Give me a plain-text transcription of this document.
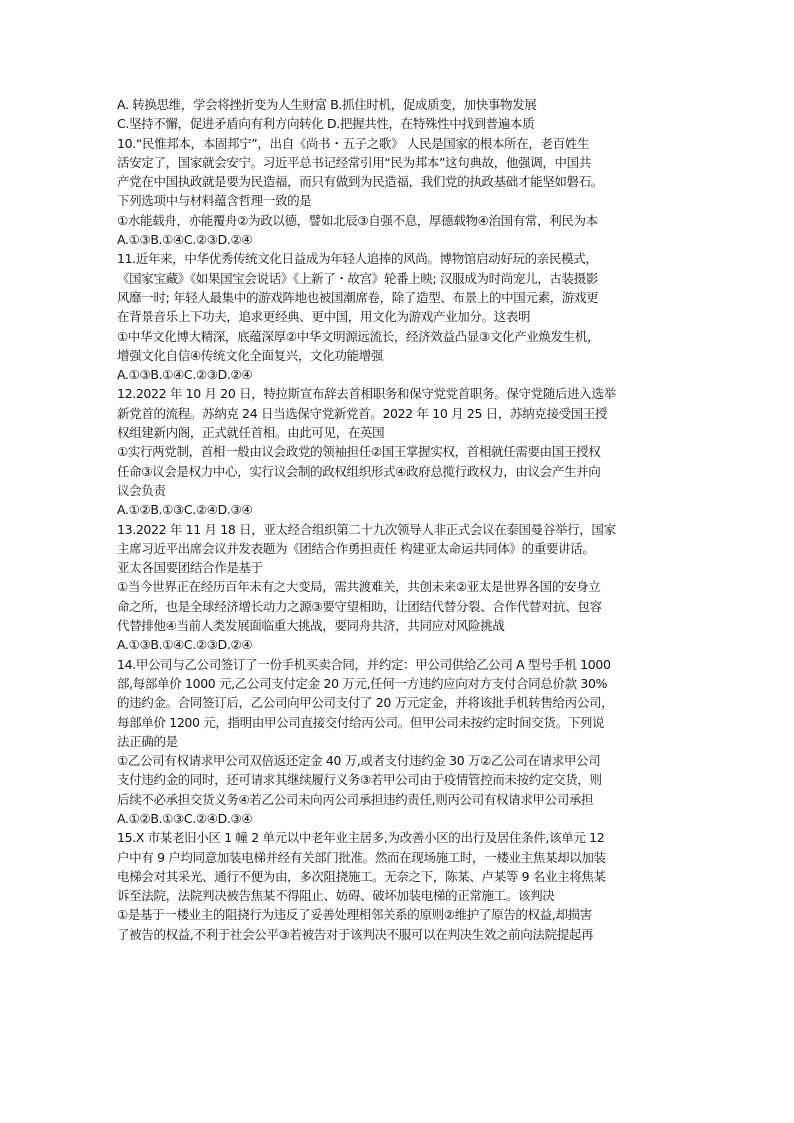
A. 转换思维，学会将挫折变为人生财富 B.抓住时机，促成质变，加快事物发展
C.坚持不懈，促进矛盾向有利方向转化 D.把握共性，在特殊性中找到普遍本质
10.“民惟邦本，本固邦宁”，出自《尚书・五子之歌》 人民是国家的根本所在，老百姓生
活安定了，国家就会安宁。习近平总书记经常引用“民为邦本”这句典故，他强调，中国共
产党在中国执政就是要为民造福，而只有做到为民造福，我们党的执政基础才能坚如磐石。
下列选项中与材料蕴含哲理一致的是
①水能载舟，亦能覆舟②为政以德，譬如北辰③自强不息，厚德载物④治国有常，利民为本
A.①③B.①④C.②③D.②④
11.近年来，中华优秀传统文化日益成为年轻人追捧的风尚。博物馆启动好玩的亲民模式，
《国家宝藏》《如果国宝会说话》《上新了・故宫》轮番上映; 汉服成为时尚宠儿，古装摄影
风靡一时; 年轻人最集中的游戏阵地也被国潮席卷，除了造型、布景上的中国元素，游戏更
在背景音乐上下功夫，追求更经典、更中国，用文化为游戏产业加分。这表明
①中华文化博大精深，底蕴深厚②中华文明源远流长，经济效益凸显③文化产业焕发生机，
增强文化自信④传统文化全面复兴，文化功能增强
A.①③B.①④C.②③D.②④
12.2022 年 10 月 20 日，特拉斯宣布辞去首相职务和保守党党首职务。保守党随后进入选举
新党首的流程。苏纳克 24 日当选保守党新党首。2022 年 10 月 25 日，苏纳克接受国王授
权组建新内阁，正式就任首相。由此可见，在英国
①实行两党制，首相一般由议会政党的领袖担任②国王掌握实权，首相就任需要由国王授权
任命③议会是权力中心，实行议会制的政权组织形式④政府总揽行政权力，由议会产生并向
议会负责
A.①②B.①③C.②④D.③④
13.2022 年 11 月 18 日，亚太经合组织第二十九次领导人非正式会议在泰国曼谷举行，国家
主席习近平出席会议并发表题为《团结合作勇担责任 构建亚太命运共同体》的重要讲话。
亚太各国要团结合作是基于
①当今世界正在经历百年未有之大变局，需共渡难关，共创未来②亚太是世界各国的安身立
命之所，也是全球经济增长动力之源③要守望相助，让团结代替分裂、合作代替对抗、包容
代替排他④当前人类发展面临重大挑战，要同舟共济，共同应对风险挑战
A.①③B.①④C.②③D.②④
14.甲公司与乙公司签订了一份手机买卖合同，并约定：甲公司供给乙公司 A 型号手机 1000
部,每部单价 1000 元,乙公司支付定金 20 万元,任何一方违约应向对方支付合同总价款 30%
的违约金。合同签订后，乙公司向甲公司支付了 20 万元定金，并将该批手机转售给丙公司，
每部单价 1200 元，指明由甲公司直接交付给丙公司。但甲公司未按约定时间交货。下列说
法正确的是
①乙公司有权请求甲公司双倍返还定金 40 万,或者支付违约金 30 万②乙公司在请求甲公司
支付违约金的同时，还可请求其继续履行义务③若甲公司由于疫情管控而未按约定交货，则
后续不必承担交货义务④若乙公司未向丙公司承担违约责任,则丙公司有权请求甲公司承担
A.①②B.①③C.②④D.③④
15.X 市某老旧小区 1 幢 2 单元以中老年业主居多,为改善小区的出行及居住条件,该单元 12
户中有 9 户均同意加装电梯并经有关部门批准。然而在现场施工时，一楼业主焦某却以加装
电梯会对其采光、通行不便为由，多次阻挠施工。无奈之下，陈某、卢某等 9 名业主将焦某
诉至法院，法院判决被告焦某不得阻止、妨碍、破坏加装电梯的正常施工。该判决
①是基于一楼业主的阻挠行为违反了妥善处理相邻关系的原则②维护了原告的权益,却损害
了被告的权益,不利于社会公平③若被告对于该判决不服可以在判决生效之前向法院提起再
